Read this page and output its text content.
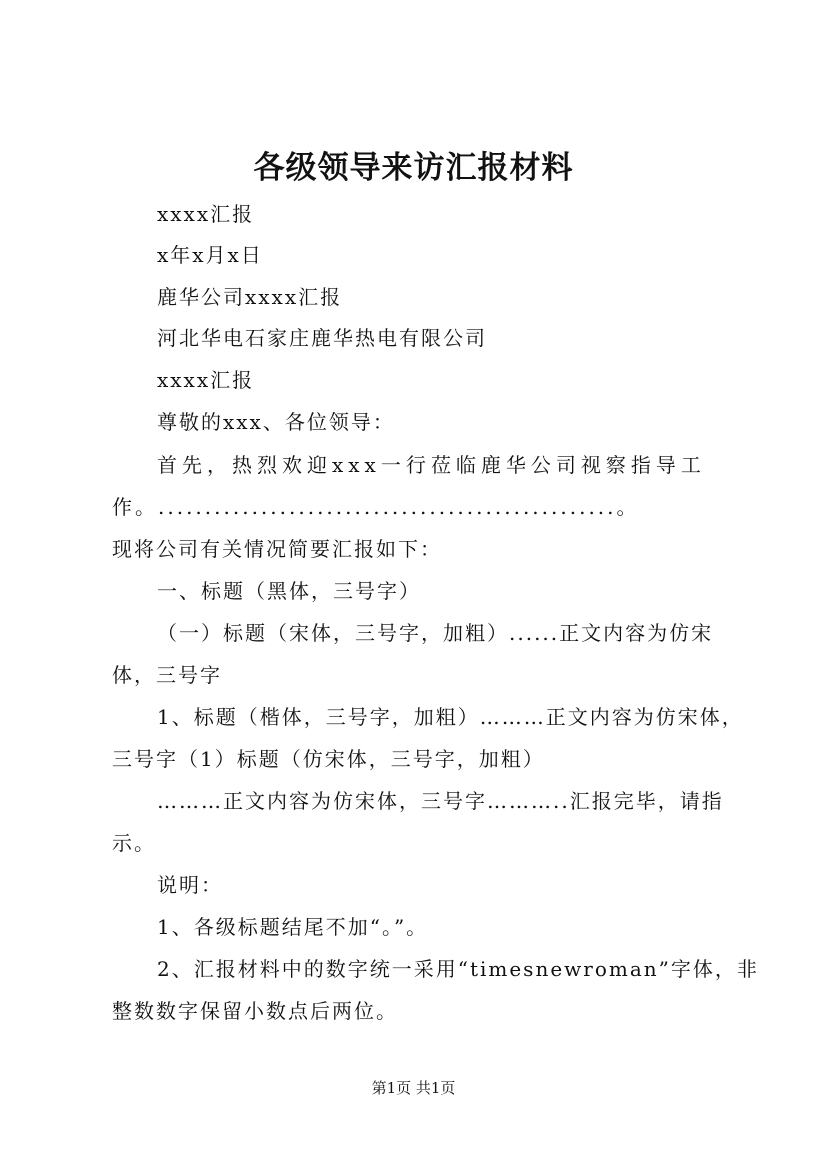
各级领导来访汇报材料
xxxx汇报
x年x月x日
鹿华公司xxxx汇报
河北华电石家庄鹿华热电有限公司
xxxx汇报
尊敬的xxx、各位领导：
首先，热烈欢迎xxx一行莅临鹿华公司视察指导工
作。.................................................。
现将公司有关情况简要汇报如下：
一、标题（黑体，三号字）
（一）标题（宋体，三号字，加粗）......正文内容为仿宋
体，三号字
1、标题（楷体，三号字，加粗）………正文内容为仿宋体，
三号字（1）标题（仿宋体，三号字，加粗）
………正文内容为仿宋体，三号字………..汇报完毕，请指
示。
说明：
1、各级标题结尾不加“。”。
2、汇报材料中的数字统一采用“timesnewroman”字体，非
整数数字保留小数点后两位。
第1页 共1页
